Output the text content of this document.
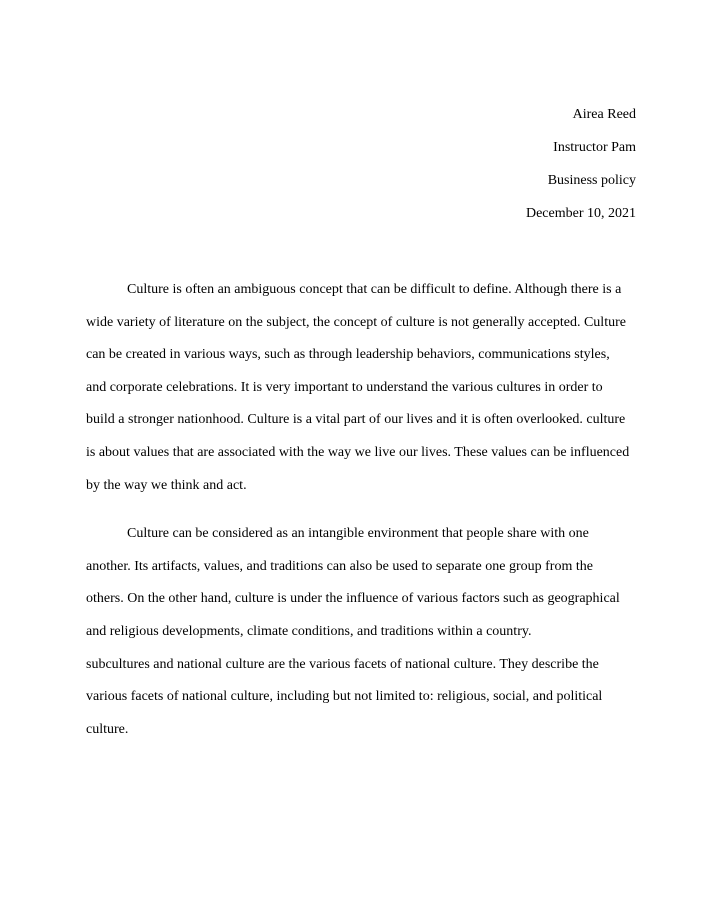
Airea Reed
Instructor Pam
Business policy
December 10, 2021

Culture is often an ambiguous concept that can be difficult to define. Although there is a
wide variety of literature on the subject, the concept of culture is not generally accepted. Culture
can be created in various ways, such as through leadership behaviors, communications styles,
and corporate celebrations. It is very important to understand the various cultures in order to
build a stronger nationhood. Culture is a vital part of our lives and it is often overlooked. culture
is about values that are associated with the way we live our lives. These values can be influenced
by the way we think and act.

Culture can be considered as an intangible environment that people share with one
another. Its artifacts, values, and traditions can also be used to separate one group from the
others. On the other hand, culture is under the influence of various factors such as geographical
and religious developments, climate conditions, and traditions within a country.
subcultures and national culture are the various facets of national culture. They describe the
various facets of national culture, including but not limited to: religious, social, and political
culture.
